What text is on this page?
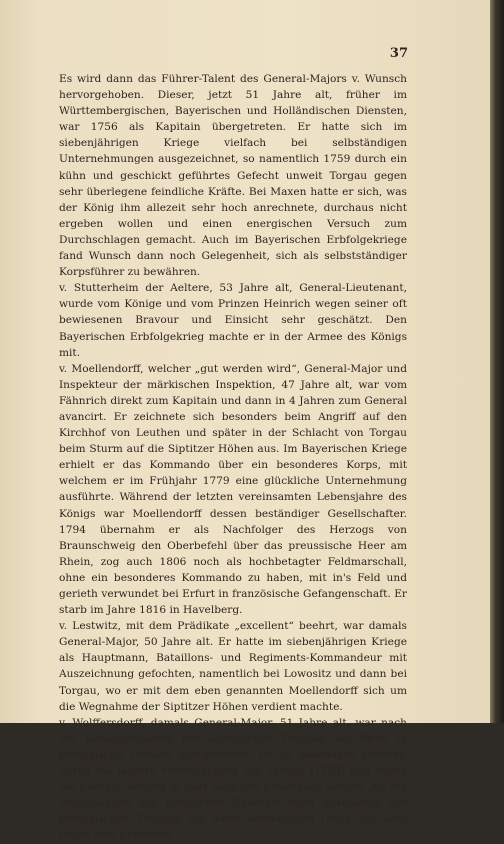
37

Es wird dann das Führer-Talent des General-Majors v. Wunsch hervorgehoben. Dieser, jetzt 51 Jahre alt, früher im Württembergischen, Bayerischen und Holländischen Diensten, war 1756 als Kapitain übergetreten. Er hatte sich im siebenjährigen Kriege vielfach bei selbständigen Unternehmungen ausgezeichnet, so namentlich 1759 durch ein kühn und geschickt geführtes Gefecht unweit Torgau gegen sehr überlegene feindliche Kräfte. Bei Maxen hatte er sich, was der König ihm allezeit sehr hoch anrechnete, durchaus nicht ergeben wollen und einen energischen Versuch zum Durchschlagen gemacht. Auch im Bayerischen Erbfolgekriege fand Wunsch dann noch Gelegenheit, sich als selbstständiger Korpsführer zu bewähren.

v. Stutterheim der Aeltere, 53 Jahre alt, General-Lieutenant, wurde vom Könige und vom Prinzen Heinrich wegen seiner oft bewiesenen Bravour und Einsicht sehr geschätzt. Den Bayerischen Erbfolgekrieg machte er in der Armee des Königs mit.

v. Moellendorff, welcher „gut werden wird“, General-Major und Inspekteur der märkischen Inspektion, 47 Jahre alt, war vom Fähnrich direkt zum Kapitain und dann in 4 Jahren zum General avancirt. Er zeichnete sich besonders beim Angriff auf den Kirchhof von Leuthen und später in der Schlacht von Torgau beim Sturm auf die Siptitzer Höhen aus. Im Bayerischen Kriege erhielt er das Kommando über ein besonderes Korps, mit welchem er im Frühjahr 1779 eine glückliche Unternehmung ausführte. Während der letzten vereinsamten Lebensjahre des Königs war Moellendorff dessen beständiger Gesellschafter. 1794 übernahm er als Nachfolger des Herzogs von Braunschweig den Oberbefehl über das preussische Heer am Rhein, zog auch 1806 noch als hochbetagter Feldmarschall, ohne ein besonderes Kommando zu haben, mit in's Feld und gerieth verwundet bei Erfurt in französische Gefangenschaft. Er starb im Jahre 1816 in Havelberg.

v. Lestwitz, mit dem Prädikate „excellent“ beehrt, war damals General-Major, 50 Jahre alt. Er hatte im siebenjährigen Kriege als Hauptmann, Bataillons- und Regiments-Kommandeur mit Auszeichnung gefochten, namentlich bei Lowositz und dann bei Torgau, wo er mit dem eben genannten Moellendorff sich um die Wegnahme der Siptitzer Höhen verdient machte.

v. Wolffersdorff, damals General-Major, 51 Jahre alt, war nach der Gefangennahme der sächsischen Truppen bei Pirna in preussische Dienste übergetreten. Er ist besonders berühmt durch die tapfere Vertheidigung von Torgau (1759) und durch die Energie, welche er dort nach der Uebergabe bewies. Als die Umgebungen des feindlichen Generals beim Ausmarsch der preussischen Truppen die darin befindlichen Leute aus dem Reich zum Uebertritt
